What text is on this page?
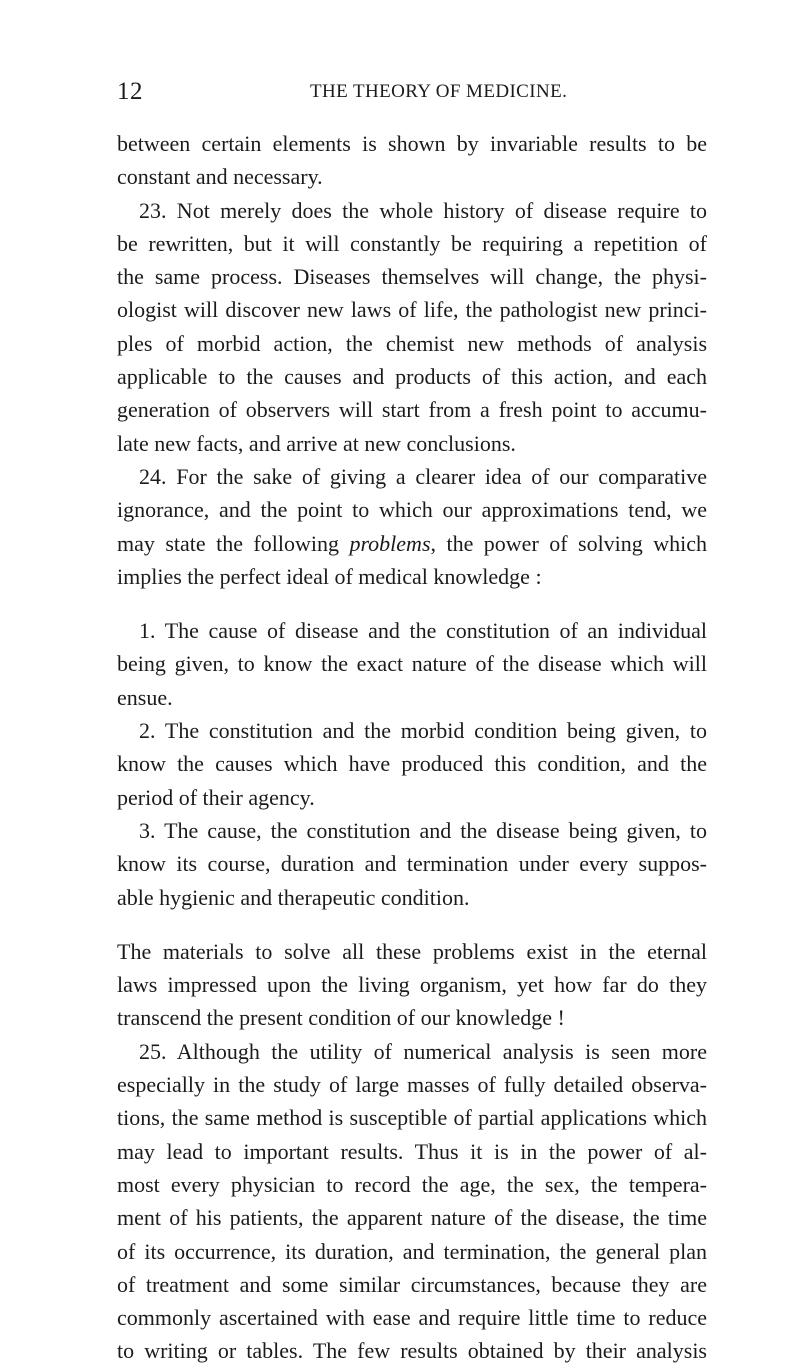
12	THE THEORY OF MEDICINE.
between certain elements is shown by invariable results to be
constant and necessary.
23. Not merely does the whole history of disease require to
be rewritten, but it will constantly be requiring a repetition of
the same process. Diseases themselves will change, the physi-
ologist will discover new laws of life, the pathologist new princi-
ples of morbid action, the chemist new methods of analysis
applicable to the causes and products of this action, and each
generation of observers will start from a fresh point to accumu-
late new facts, and arrive at new conclusions.
24. For the sake of giving a clearer idea of our comparative
ignorance, and the point to which our approximations tend, we
may state the following problems, the power of solving which
implies the perfect ideal of medical knowledge :
1. The cause of disease and the constitution of an individual
being given, to know the exact nature of the disease which will
ensue.
2. The constitution and the morbid condition being given, to
know the causes which have produced this condition, and the
period of their agency.
3. The cause, the constitution and the disease being given, to
know its course, duration and termination under every suppos-
able hygienic and therapeutic condition.
The materials to solve all these problems exist in the eternal
laws impressed upon the living organism, yet how far do they
transcend the present condition of our knowledge !
25. Although the utility of numerical analysis is seen more
especially in the study of large masses of fully detailed observa-
tions, the same method is susceptible of partial applications which
may lead to important results. Thus it is in the power of al-
most every physician to record the age, the sex, the tempera-
ment of his patients, the apparent nature of the disease, the time
of its occurrence, its duration, and termination, the general plan
of treatment and some similar circumstances, because they are
commonly ascertained with ease and require little time to reduce
to writing or tables. The few results obtained by their analysis
